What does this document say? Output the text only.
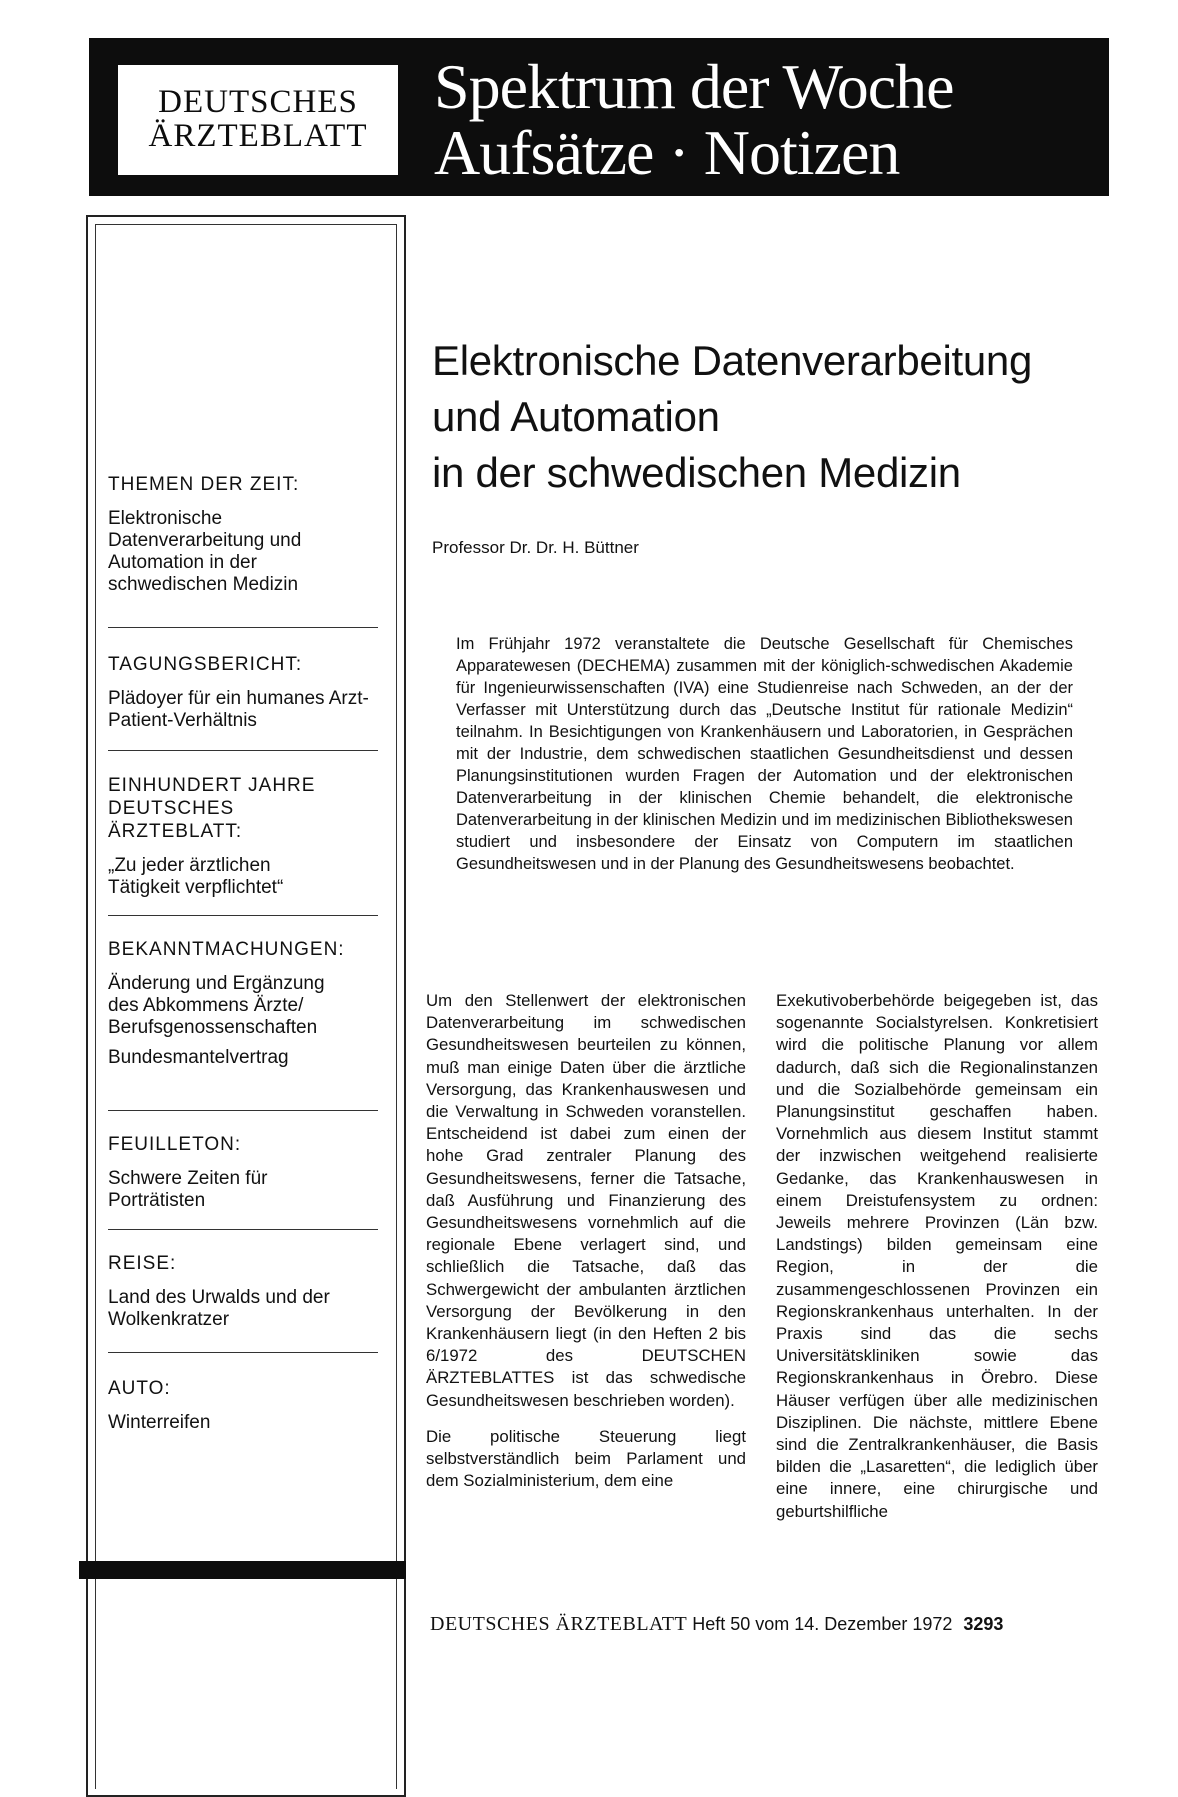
DEUTSCHES
ÄRZTEBLATT
Spektrum der Woche
Aufsätze · Notizen
THEMEN DER ZEIT:
Elektronische Datenverarbeitung und Automation in der schwedischen Medizin
TAGUNGSBERICHT:
Plädoyer für ein humanes Arzt-Patient-Verhältnis
EINHUNDERT JAHRE DEUTSCHES ÄRZTEBLATT:
„Zu jeder ärztlichen Tätigkeit verpflichtet“
BEKANNTMACHUNGEN:
Änderung und Ergänzung des Abkommens Ärzte/ Berufsgenossenschaften
Bundesmantelvertrag
FEUILLETON:
Schwere Zeiten für Porträtisten
REISE:
Land des Urwalds und der Wolkenkratzer
AUTO:
Winterreifen
Elektronische Datenverarbeitung
und Automation
in der schwedischen Medizin
Professor Dr. Dr. H. Büttner
Im Frühjahr 1972 veranstaltete die Deutsche Gesellschaft für Chemisches Apparatewesen (DECHEMA) zusammen mit der königlich-schwedischen Akademie für Ingenieurwissenschaften (IVA) eine Studienreise nach Schweden, an der der Verfasser mit Unterstützung durch das „Deutsche Institut für rationale Medizin“ teilnahm. In Besichtigungen von Krankenhäusern und Laboratorien, in Gesprächen mit der Industrie, dem schwedischen staatlichen Gesundheitsdienst und dessen Planungsinstitutionen wurden Fragen der Automation und der elektronischen Datenverarbeitung in der klinischen Chemie behandelt, die elektronische Datenverarbeitung in der klinischen Medizin und im medizinischen Bibliothekswesen studiert und insbesondere der Einsatz von Computern im staatlichen Gesundheitswesen und in der Planung des Gesundheitswesens beobachtet.

Um den Stellenwert der elektronischen Datenverarbeitung im schwedischen Gesundheitswesen beurteilen zu können, muß man einige Daten über die ärztliche Versorgung, das Krankenhauswesen und die Verwaltung in Schweden voranstellen. Entscheidend ist dabei zum einen der hohe Grad zentraler Planung des Gesundheitswesens, ferner die Tatsache, daß Ausführung und Finanzierung des Gesundheitswesens vornehmlich auf die regionale Ebene verlagert sind, und schließlich die Tatsache, daß das Schwergewicht der ambulanten ärztlichen Versorgung der Bevölkerung in den Krankenhäusern liegt (in den Heften 2 bis 6/1972 des DEUTSCHEN ÄRZTEBLATTES ist das schwedische Gesundheitswesen beschrieben worden).

Die politische Steuerung liegt selbstverständlich beim Parlament und dem Sozialministerium, dem eine

Exekutivoberbehörde beigegeben ist, das sogenannte Socialstyrelsen. Konkretisiert wird die politische Planung vor allem dadurch, daß sich die Regionalinstanzen und die Sozialbehörde gemeinsam ein Planungsinstitut geschaffen haben. Vornehmlich aus diesem Institut stammt der inzwischen weitgehend realisierte Gedanke, das Krankenhauswesen in einem Dreistufensystem zu ordnen: Jeweils mehrere Provinzen (Län bzw. Landstings) bilden gemeinsam eine Region, in der die zusammengeschlossenen Provinzen ein Regionskrankenhaus unterhalten. In der Praxis sind das die sechs Universitätskliniken sowie das Regionskrankenhaus in Örebro. Diese Häuser verfügen über alle medizinischen Disziplinen. Die nächste, mittlere Ebene sind die Zentralkrankenhäuser, die Basis bilden die „Lasaretten“, die lediglich über eine innere, eine chirurgische und geburtshilfliche

DEUTSCHES ÄRZTEBLATT Heft 50 vom 14. Dezember 1972 3293
